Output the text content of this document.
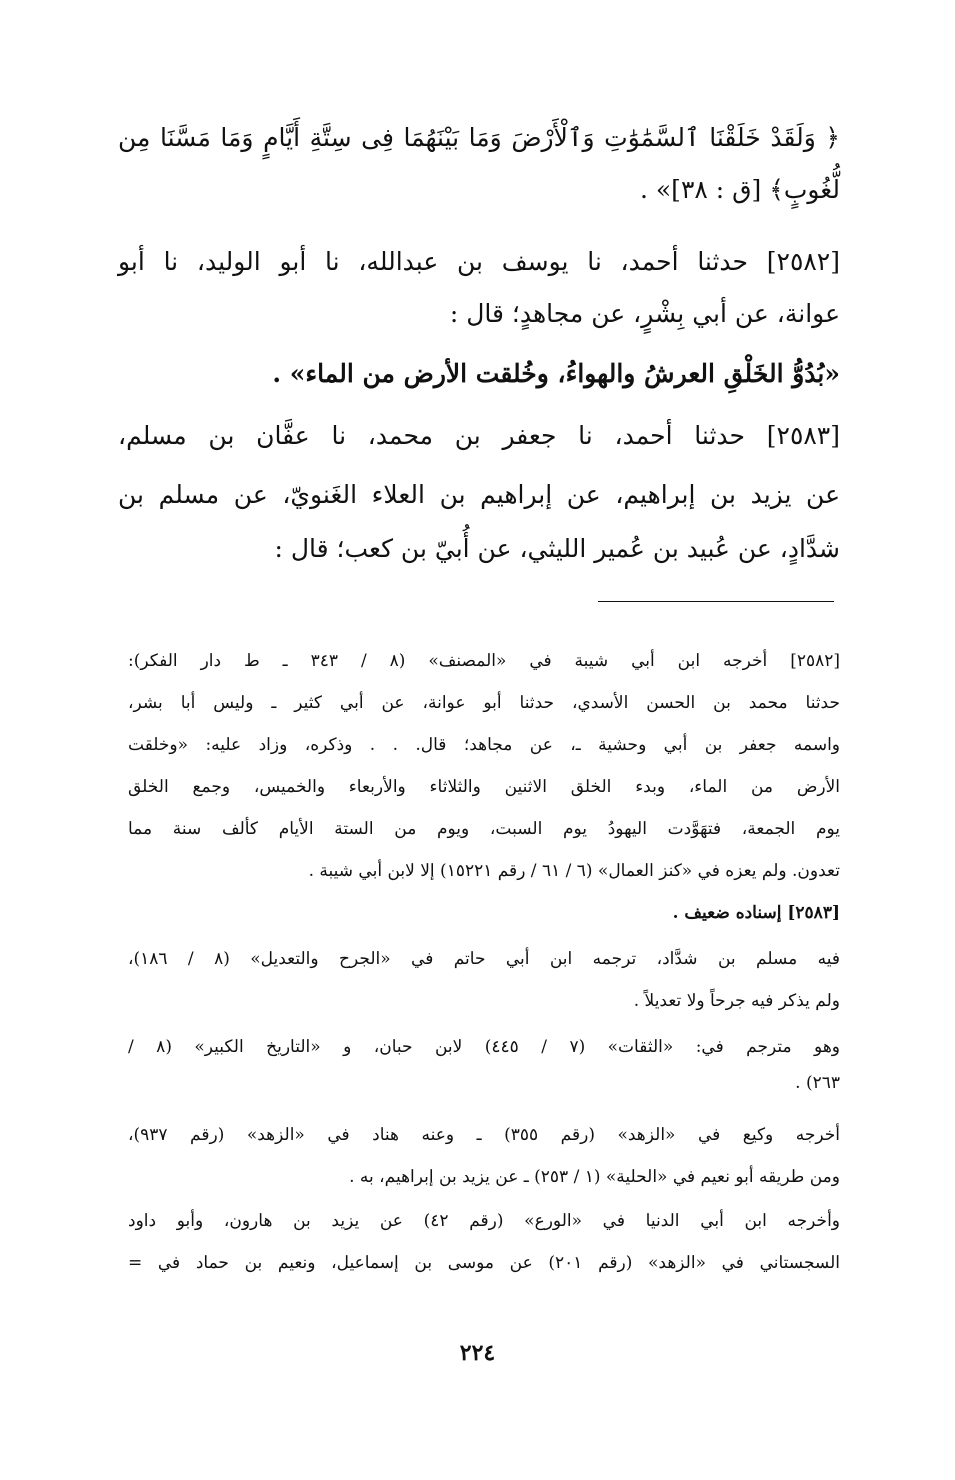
﴿ وَلَقَدْ خَلَقْنَا ٱلسَّمَٰوَٰتِ وَٱلْأَرْضَ وَمَا بَيْنَهُمَا فِى سِتَّةِ أَيَّامٍ وَمَا مَسَّنَا مِن
لُّغُوبٍ﴾ [ق : ٣٨]» .
[٢٥٨٢] حدثنا أحمد، نا يوسف بن عبدالله، نا أبو الوليد، نا أبو
عوانة، عن أبي بِشْرٍ، عن مجاهدٍ؛ قال :
«بُدُوُّ الخَلْقِ العرشُ والهواءُ، وخُلقت الأرض من الماء» .
[٢٥٨٣] حدثنا أحمد، نا جعفر بن محمد، نا عفَّان بن مسلم،
عن يزيد بن إبراهيم، عن إبراهيم بن العلاء الغَنويّ، عن مسلم بن
شدَّادٍ، عن عُبيد بن عُمير الليثي، عن أُبيّ بن كعب؛ قال :
[٢٥٨٢] أخرجه ابن أبي شيبة في «المصنف» (٨ / ٣٤٣ ـ ط دار الفكر):
حدثنا محمد بن الحسن الأسدي، حدثنا أبو عوانة، عن أبي كثير ـ وليس أبا بشر،
واسمه جعفر بن أبي وحشية ـ، عن مجاهد؛ قال. . . وذكره، وزاد عليه: «وخلقت
الأرض من الماء، وبدء الخلق الاثنين والثلاثاء والأربعاء والخميس، وجمع الخلق
يوم الجمعة، فتهَوَّدت اليهودُ يوم السبت، ويوم من الستة الأيام كألف سنة مما
تعدون. ولم يعزه في «كنز العمال» (٦ / ٦١ / رقم ١٥٢٢١) إلا لابن أبي شيبة .
[٢٥٨٣] إسناده ضعيف .
فيه مسلم بن شدَّاد، ترجمه ابن أبي حاتم في «الجرح والتعديل» (٨ / ١٨٦)،
ولم يذكر فيه جرحاً ولا تعديلاً .
وهو مترجم في: «الثقات» (٧ / ٤٤٥) لابن حبان، و «التاريخ الكبير» (٨ /
٢٦٣) .
أخرجه وكيع في «الزهد» (رقم ٣٥٥) ـ وعنه هناد في «الزهد» (رقم ٩٣٧)،
ومن طريقه أبو نعيم في «الحلية» (١ / ٢٥٣) ـ عن يزيد بن إبراهيم، به .
وأخرجه ابن أبي الدنيا في «الورع» (رقم ٤٢) عن يزيد بن هارون، وأبو داود
السجستاني في «الزهد» (رقم ٢٠١) عن موسى بن إسماعيل، ونعيم بن حماد في =
٢٢٤
